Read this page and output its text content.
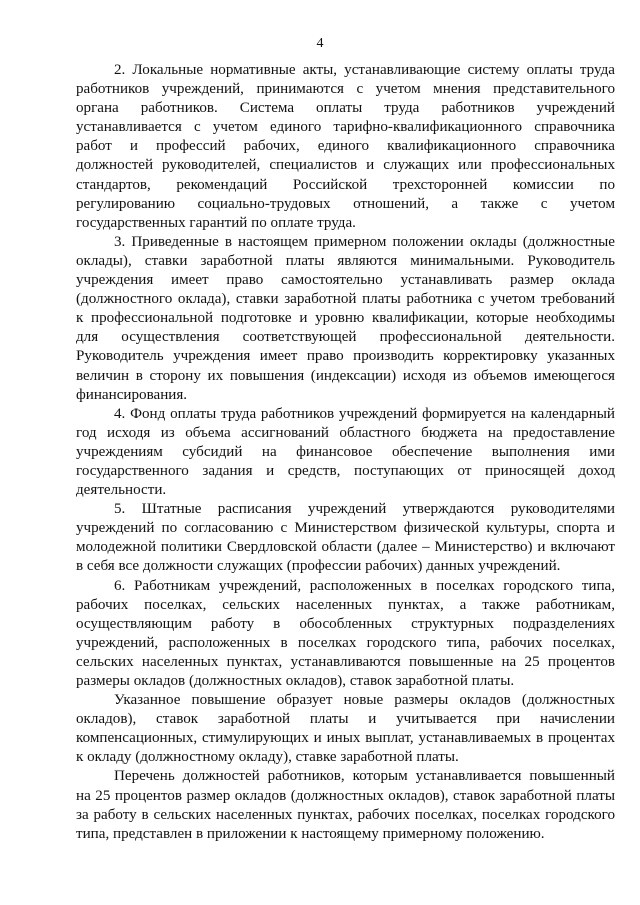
4
2. Локальные нормативные акты, устанавливающие систему оплаты труда
работников учреждений, принимаются с учетом мнения представительного
органа работников. Система оплаты труда работников учреждений
устанавливается с учетом единого тарифно-квалификационного справочника
работ и профессий рабочих, единого квалификационного справочника
должностей руководителей, специалистов и служащих или профессиональных
стандартов, рекомендаций Российской трехсторонней комиссии по
регулированию социально-трудовых отношений, а также с учетом
государственных гарантий по оплате труда.
3. Приведенные в настоящем примерном положении оклады (должностные
оклады), ставки заработной платы являются минимальными. Руководитель
учреждения имеет право самостоятельно устанавливать размер оклада
(должностного оклада), ставки заработной платы работника с учетом требований
к профессиональной подготовке и уровню квалификации, которые необходимы
для осуществления соответствующей профессиональной деятельности.
Руководитель учреждения имеет право производить корректировку указанных
величин в сторону их повышения (индексации) исходя из объемов имеющегося
финансирования.
4. Фонд оплаты труда работников учреждений формируется на календарный
год исходя из объема ассигнований областного бюджета на предоставление
учреждениям субсидий на финансовое обеспечение выполнения ими
государственного задания и средств, поступающих от приносящей доход
деятельности.
5. Штатные расписания учреждений утверждаются руководителями
учреждений по согласованию с Министерством физической культуры, спорта и
молодежной политики Свердловской области (далее – Министерство) и включают
в себя все должности служащих (профессии рабочих) данных учреждений.
6. Работникам учреждений, расположенных в поселках городского типа,
рабочих поселках, сельских населенных пунктах, а также работникам,
осуществляющим работу в обособленных структурных подразделениях
учреждений, расположенных в поселках городского типа, рабочих поселках,
сельских населенных пунктах, устанавливаются повышенные на 25 процентов
размеры окладов (должностных окладов), ставок заработной платы.
Указанное повышение образует новые размеры окладов (должностных
окладов), ставок заработной платы и учитывается при начислении
компенсационных, стимулирующих и иных выплат, устанавливаемых в процентах
к окладу (должностному окладу), ставке заработной платы.
Перечень должностей работников, которым устанавливается повышенный
на 25 процентов размер окладов (должностных окладов), ставок заработной платы
за работу в сельских населенных пунктах, рабочих поселках, поселках городского
типа, представлен в приложении к настоящему примерному положению.
